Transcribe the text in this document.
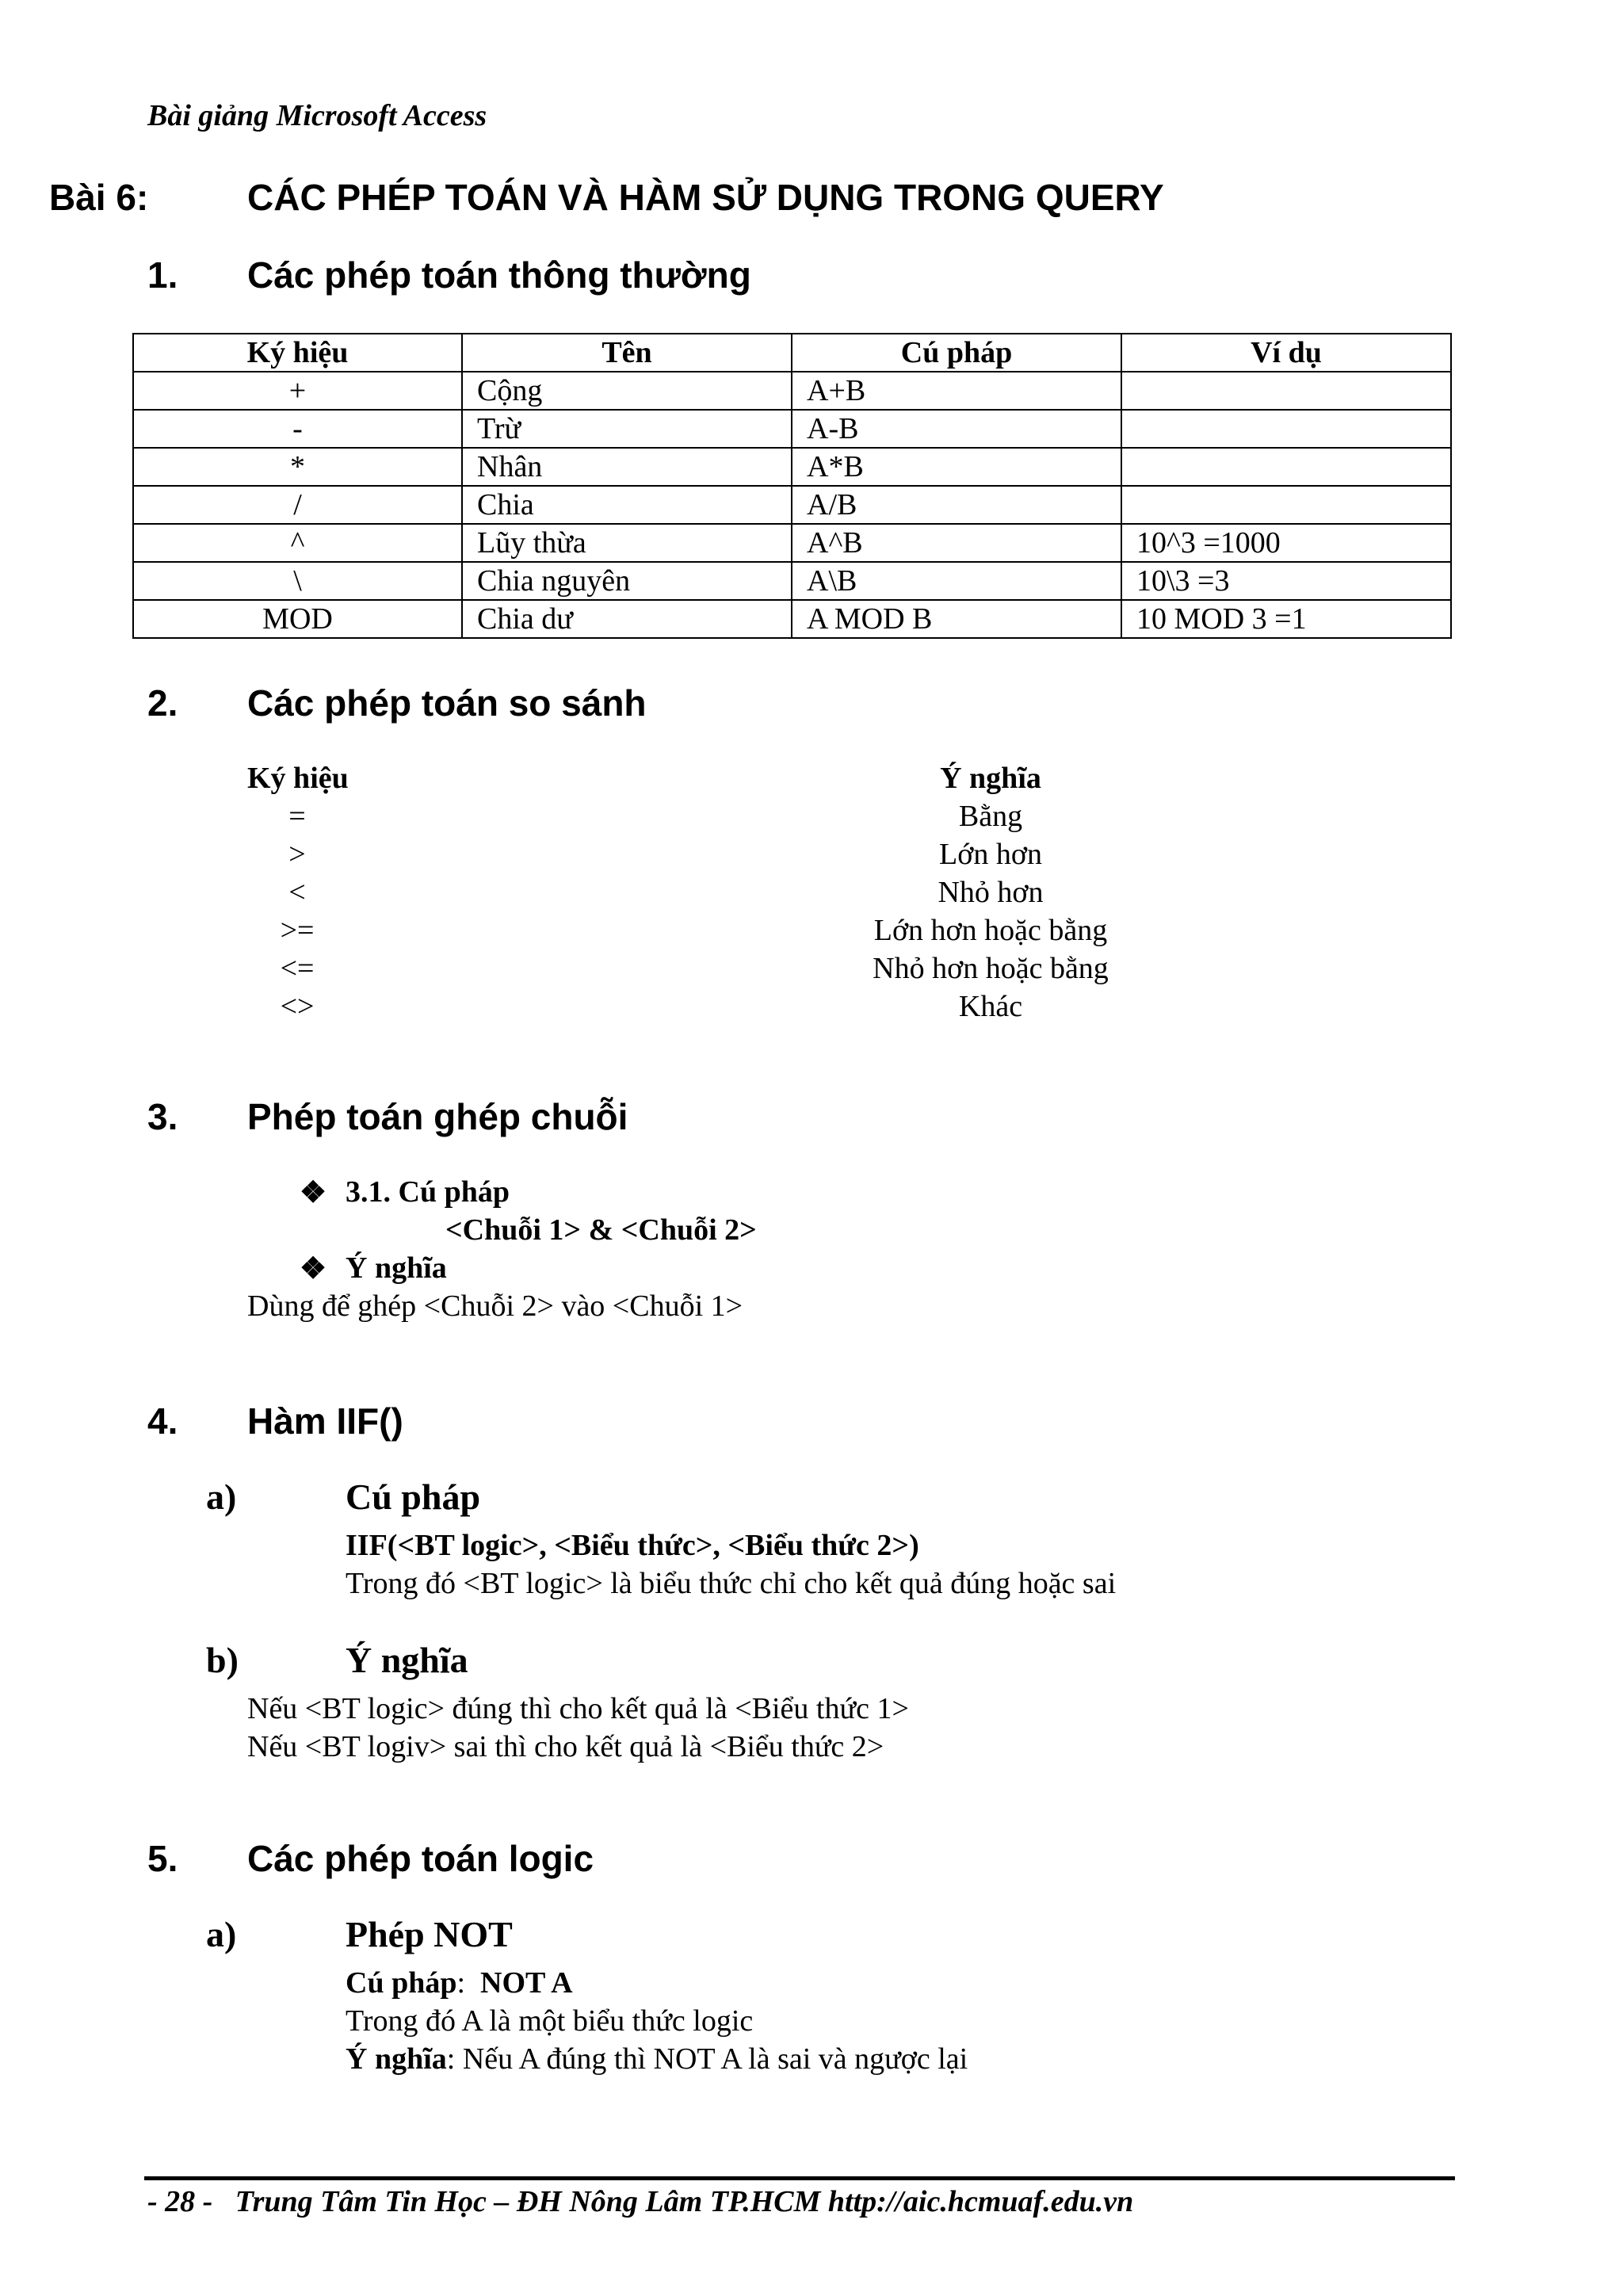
Bài giảng Microsoft Access
Bài 6:	CÁC PHÉP TOÁN VÀ HÀM SỬ DỤNG TRONG QUERY
1. Các phép toán thông thường
Ký hiệu	Tên	Cú pháp	Ví dụ
+	Cộng	A+B	
-	Trừ	A-B	
*	Nhân	A*B	
/	Chia	A/B	
^	Lũy thừa	A^B	10^3 =1000
\	Chia nguyên	A\B	10\3 =3
MOD	Chia dư	A MOD B	10 MOD 3 =1
2. Các phép toán so sánh
Ký hiệu	Ý nghĩa
=	Bằng
>	Lớn hơn
<	Nhỏ hơn
>=	Lớn hơn hoặc bằng
<=	Nhỏ hơn hoặc bằng
<>	Khác
3. Phép toán ghép chuỗi
❖ 3.1. Cú pháp
<Chuỗi 1> & <Chuỗi 2>
❖ Ý nghĩa
Dùng để ghép <Chuỗi 2> vào <Chuỗi 1>
4. Hàm IIF()
a)	Cú pháp
IIF(<BT logic>, <Biểu thức>, <Biểu thức 2>)
Trong đó <BT logic> là biểu thức chỉ cho kết quả đúng hoặc sai
b)	Ý nghĩa
Nếu <BT logic> đúng thì cho kết quả là <Biểu thức 1>
Nếu <BT logiv> sai thì cho kết quả là <Biểu thức 2>
5. Các phép toán logic
a)	Phép NOT
Cú pháp:  NOT A
Trong đó A là một biểu thức logic
Ý nghĩa: Nếu A đúng thì NOT A là sai và ngược lại
- 28 -   Trung Tâm Tin Học – ĐH Nông Lâm TP.HCM http://aic.hcmuaf.edu.vn
